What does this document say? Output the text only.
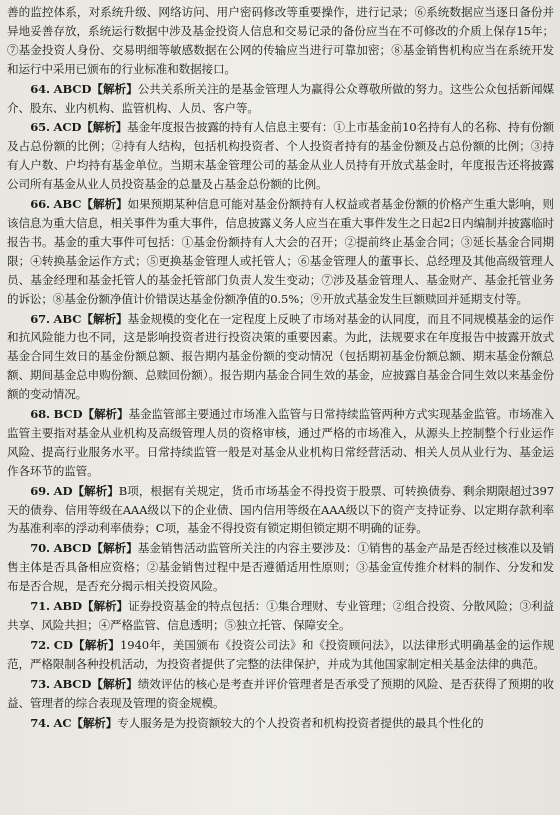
善的监控体系，对系统升级、网络访问、用户密码修改等重要操作，进行记录；⑥系统数据应当逐日备份并异地妥善存放，系统运行数据中涉及基金投资人信息和交易记录的备份应当在不可修改的介质上保存15年；⑦基金投资人身份、交易明细等敏感数据在公网的传输应当进行可靠加密；⑧基金销售机构应当在系统开发和运行中采用已颁布的行业标准和数据接口。

64. ABCD【解析】公共关系所关注的是基金管理人为赢得公众尊敬所做的努力。这些公众包括新闻媒介、股东、业内机构、监管机构、人员、客户等。

65. ACD【解析】基金年度报告披露的持有人信息主要有：①上市基金前10名持有人的名称、持有份额及占总份额的比例；②持有人结构，包括机构投资者、个人投资者持有的基金份额及占总份额的比例；③持有人户数、户均持有基金单位。当期末基金管理公司的基金从业人员持有开放式基金时，年度报告还将披露公司所有基金从业人员投资基金的总量及占基金总份额的比例。

66. ABC【解析】如果预期某种信息可能对基金份额持有人权益或者基金份额的价格产生重大影响，则该信息为重大信息，相关事件为重大事件，信息披露义务人应当在重大事件发生之日起2日内编制并披露临时报告书。基金的重大事件可包括：①基金份额持有人大会的召开；②提前终止基金合同；③延长基金合同期限；④转换基金运作方式；⑤更换基金管理人或托管人；⑥基金管理人的董事长、总经理及其他高级管理人员、基金经理和基金托管人的基金托管部门负责人发生变动；⑦涉及基金管理人、基金财产、基金托管业务的诉讼；⑧基金份额净值计价错误达基金份额净值的0.5%；⑨开放式基金发生巨额赎回并延期支付等。

67. ABC【解析】基金规模的变化在一定程度上反映了市场对基金的认同度，而且不同规模基金的运作和抗风险能力也不同，这是影响投资者进行投资决策的重要因素。为此，法规要求在年度报告中披露开放式基金合同生效日的基金份额总额、报告期内基金份额的变动情况（包括期初基金份额总额、期末基金份额总额、期间基金总申购份额、总赎回份额）。报告期内基金合同生效的基金，应披露自基金合同生效以来基金份额的变动情况。

68. BCD【解析】基金监管部主要通过市场准入监管与日常持续监管两种方式实现基金监管。市场准入监管主要指对基金从业机构及高级管理人员的资格审核，通过严格的市场准入，从源头上控制整个行业运作风险、提高行业服务水平。日常持续监管一般是对基金从业机构日常经营活动、相关人员从业行为、基金运作各环节的监管。

69. AD【解析】B项，根据有关规定，货币市场基金不得投资于股票、可转换债券、剩余期限超过397天的债券、信用等级在AAA级以下的企业债、国内信用等级在AAA级以下的资产支持证券、以定期存款利率为基准利率的浮动利率债券；C项，基金不得投资有锁定期但锁定期不明确的证券。

70. ABCD【解析】基金销售活动监管所关注的内容主要涉及：①销售的基金产品是否经过核准以及销售主体是否具备相应资格；②基金销售过程中是否遵循适用性原则；③基金宣传推介材料的制作、分发和发布是否合规，是否充分揭示相关投资风险。

71. ABD【解析】证券投资基金的特点包括：①集合理财、专业管理；②组合投资、分散风险；③利益共享、风险共担；④严格监管、信息透明；⑤独立托管、保障安全。

72. CD【解析】1940年，美国颁布《投资公司法》和《投资顾问法》，以法律形式明确基金的运作规范，严格限制各种投机活动，为投资者提供了完整的法律保护，并成为其他国家制定相关基金法律的典范。

73. ABCD【解析】绩效评估的核心是考查并评价管理者是否承受了预期的风险、是否获得了预期的收益、管理者的综合表现及管理的资金规模。

74. AC【解析】专人服务是为投资额较大的个人投资者和机构投资者提供的最具个性化的
